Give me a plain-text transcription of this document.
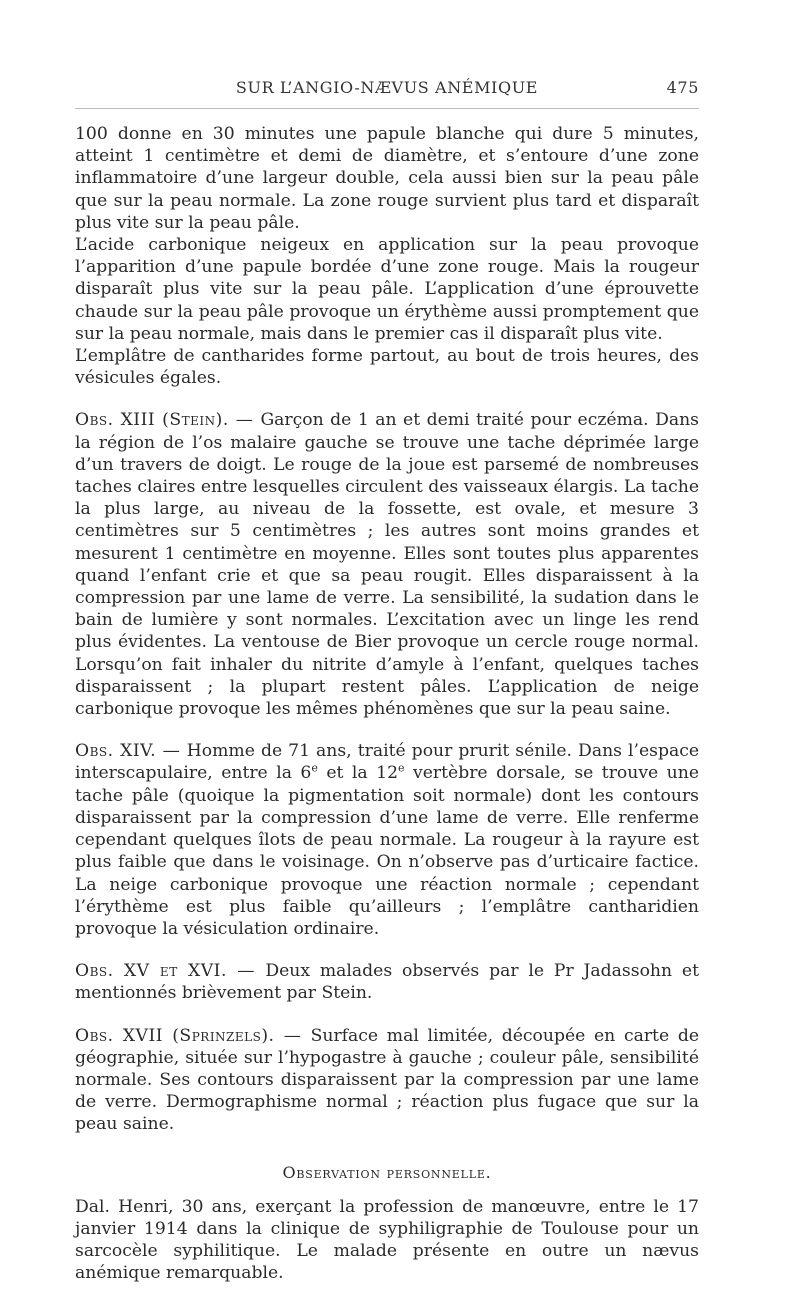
SUR L’ANGIO-NÆVUS ANÉMIQUE	475

100 donne en 30 minutes une papule blanche qui dure 5 minutes, atteint 1 centimètre et demi de diamètre, et s’entoure d’une zone inflammatoire d’une largeur double, cela aussi bien sur la peau pâle que sur la peau normale. La zone rouge survient plus tard et disparaît plus vite sur la peau pâle.

L’acide carbonique neigeux en application sur la peau provoque l’apparition d’une papule bordée d’une zone rouge. Mais la rougeur disparaît plus vite sur la peau pâle. L’application d’une éprouvette chaude sur la peau pâle provoque un érythème aussi promptement que sur la peau normale, mais dans le premier cas il disparaît plus vite.

L’emplâtre de cantharides forme partout, au bout de trois heures, des vésicules égales.

Obs. XIII (Stein). — Garçon de 1 an et demi traité pour eczéma. Dans la région de l’os malaire gauche se trouve une tache déprimée large d’un travers de doigt. Le rouge de la joue est parsemé de nombreuses taches claires entre lesquelles circulent des vaisseaux élargis. La tache la plus large, au niveau de la fossette, est ovale, et mesure 3 centimètres sur 5 centimètres ; les autres sont moins grandes et mesurent 1 centimètre en moyenne. Elles sont toutes plus apparentes quand l’enfant crie et que sa peau rougit. Elles disparaissent à la compression par une lame de verre. La sensibilité, la sudation dans le bain de lumière y sont normales. L’excitation avec un linge les rend plus évidentes. La ventouse de Bier provoque un cercle rouge normal. Lorsqu’on fait inhaler du nitrite d’amyle à l’enfant, quelques taches disparaissent ; la plupart restent pâles. L’application de neige carbonique provoque les mêmes phénomènes que sur la peau saine.

Obs. XIV. — Homme de 71 ans, traité pour prurit sénile. Dans l’espace interscapulaire, entre la 6e et la 12e vertèbre dorsale, se trouve une tache pâle (quoique la pigmentation soit normale) dont les contours disparaissent par la compression d’une lame de verre. Elle renferme cependant quelques îlots de peau normale. La rougeur à la rayure est plus faible que dans le voisinage. On n’observe pas d’urticaire factice. La neige carbonique provoque une réaction normale ; cependant l’érythème est plus faible qu’ailleurs ; l’emplâtre cantharidien provoque la vésiculation ordinaire.

Obs. XV et XVI. — Deux malades observés par le Pr Jadassohn et mentionnés brièvement par Stein.

Obs. XVII (Sprinzels). — Surface mal limitée, découpée en carte de géographie, située sur l’hypogastre à gauche ; couleur pâle, sensibilité normale. Ses contours disparaissent par la compression par une lame de verre. Dermographisme normal ; réaction plus fugace que sur la peau saine.

Observation personnelle.

Dal. Henri, 30 ans, exerçant la profession de manœuvre, entre le 17 janvier 1914 dans la clinique de syphiligraphie de Toulouse pour un sarcocèle syphilitique. Le malade présente en outre un nævus anémique remarquable.
